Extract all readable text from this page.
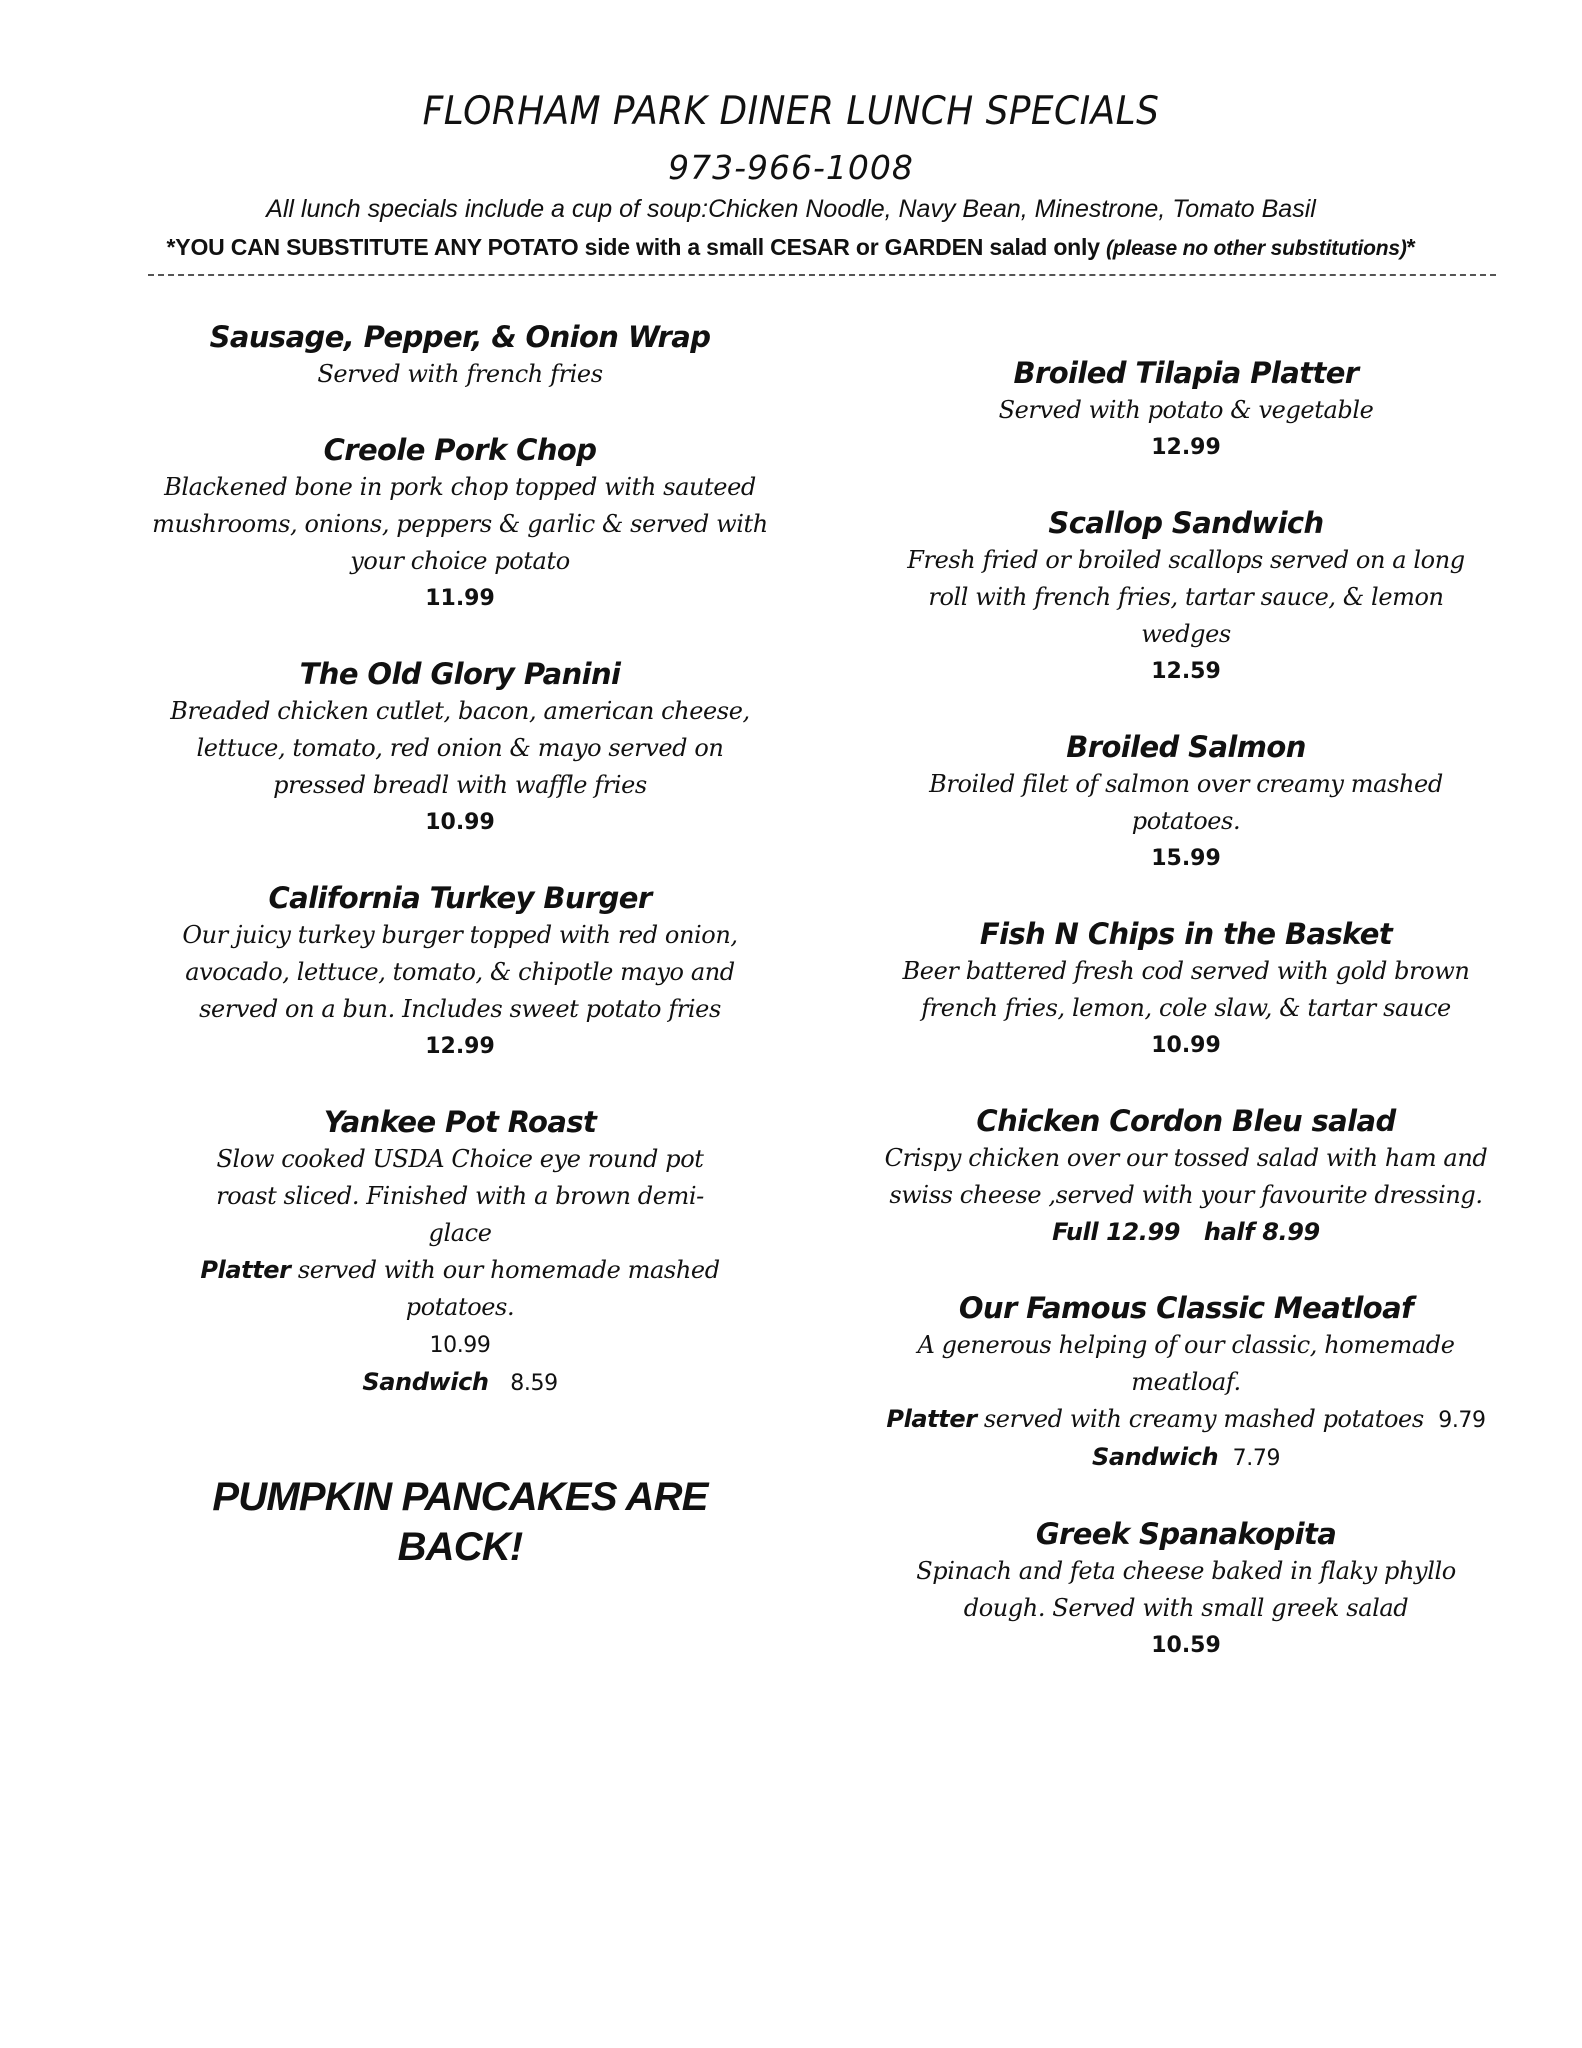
FLORHAM PARK DINER LUNCH SPECIALS
973-966-1008
All lunch specials include a cup of soup:Chicken Noodle, Navy Bean, Minestrone, Tomato Basil
*YOU CAN SUBSTITUTE ANY POTATO side with a small CESAR or GARDEN salad only (please no other substitutions)*
Sausage, Pepper, & Onion Wrap
Served with french fries
Creole Pork Chop
Blackened bone in pork chop topped with sauteed mushrooms, onions, peppers & garlic & served with your choice potato
11.99
The Old Glory Panini
Breaded chicken cutlet, bacon, american cheese, lettuce, tomato, red onion & mayo served on pressed breadl with waffle fries
10.99
California Turkey Burger
Our juicy turkey burger topped with red onion, avocado, lettuce, tomato, & chipotle mayo and served on a bun. Includes sweet potato fries
12.99
Yankee Pot Roast
Slow cooked USDA Choice eye round pot roast sliced. Finished with a brown demi-glace
Platter served with our homemade mashed potatoes.
10.99
Sandwich 8.59
PUMPKIN PANCAKES ARE BACK!
Broiled Tilapia Platter
Served with potato & vegetable
12.99
Scallop Sandwich
Fresh fried or broiled scallops served on a long roll with french fries, tartar sauce, & lemon wedges
12.59
Broiled Salmon
Broiled filet of salmon over creamy mashed potatoes.
15.99
Fish N Chips in the Basket
Beer battered fresh cod served with gold brown french fries, lemon, cole slaw, & tartar sauce
10.99
Chicken Cordon Bleu salad
Crispy chicken over our tossed salad with ham and swiss cheese ,served with your favourite dressing.
Full 12.99   half 8.99
Our Famous Classic Meatloaf
A generous helping of our classic, homemade meatloaf.
Platter served with creamy mashed potatoes  9.79
Sandwich 7.79
Greek Spanakopita
Spinach and feta cheese baked in flaky phyllo dough. Served with small greek salad
10.59
